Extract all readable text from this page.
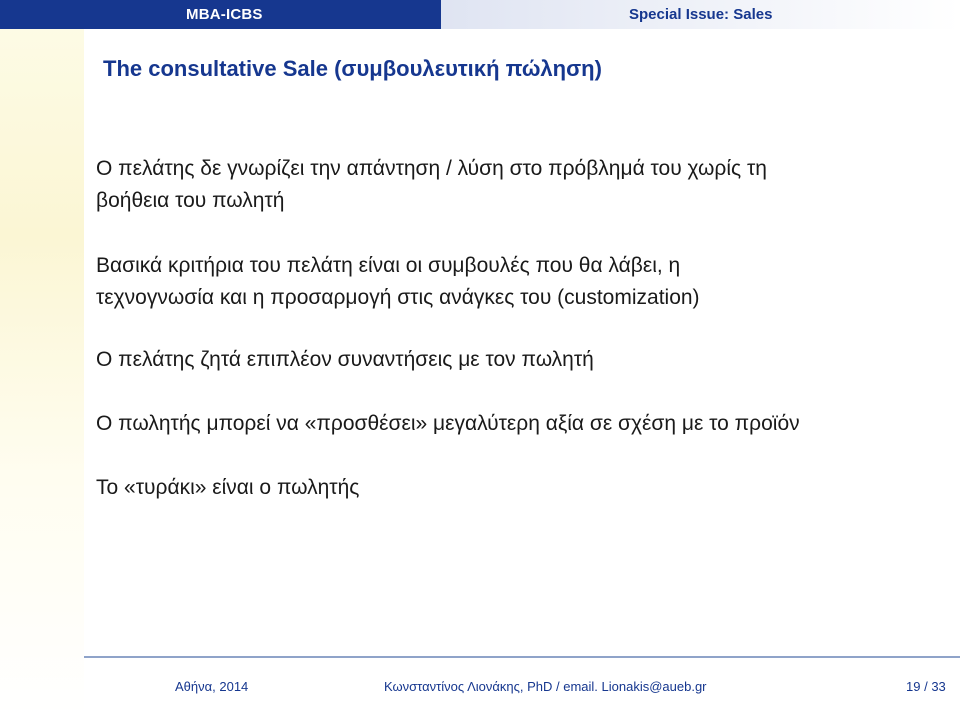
MBA-ICBS	Special Issue: Sales
The consultative Sale (συμβουλευτική πώληση)
Ο πελάτης δε γνωρίζει την απάντηση / λύση στο πρόβλημά του χωρίς τη
βοήθεια του πωλητή
Βασικά κριτήρια του πελάτη είναι οι συμβουλές που θα λάβει, η
τεχνογνωσία και η προσαρμογή στις ανάγκες του (customization)
Ο πελάτης ζητά επιπλέον συναντήσεις με τον πωλητή
Ο πωλητής μπορεί να «προσθέσει» μεγαλύτερη αξία σε σχέση με το προϊόν
Το «τυράκι» είναι ο πωλητής
Αθήνα, 2014	Κωνσταντίνος Λιονάκης, PhD / email. Lionakis@aueb.gr	19 / 33
